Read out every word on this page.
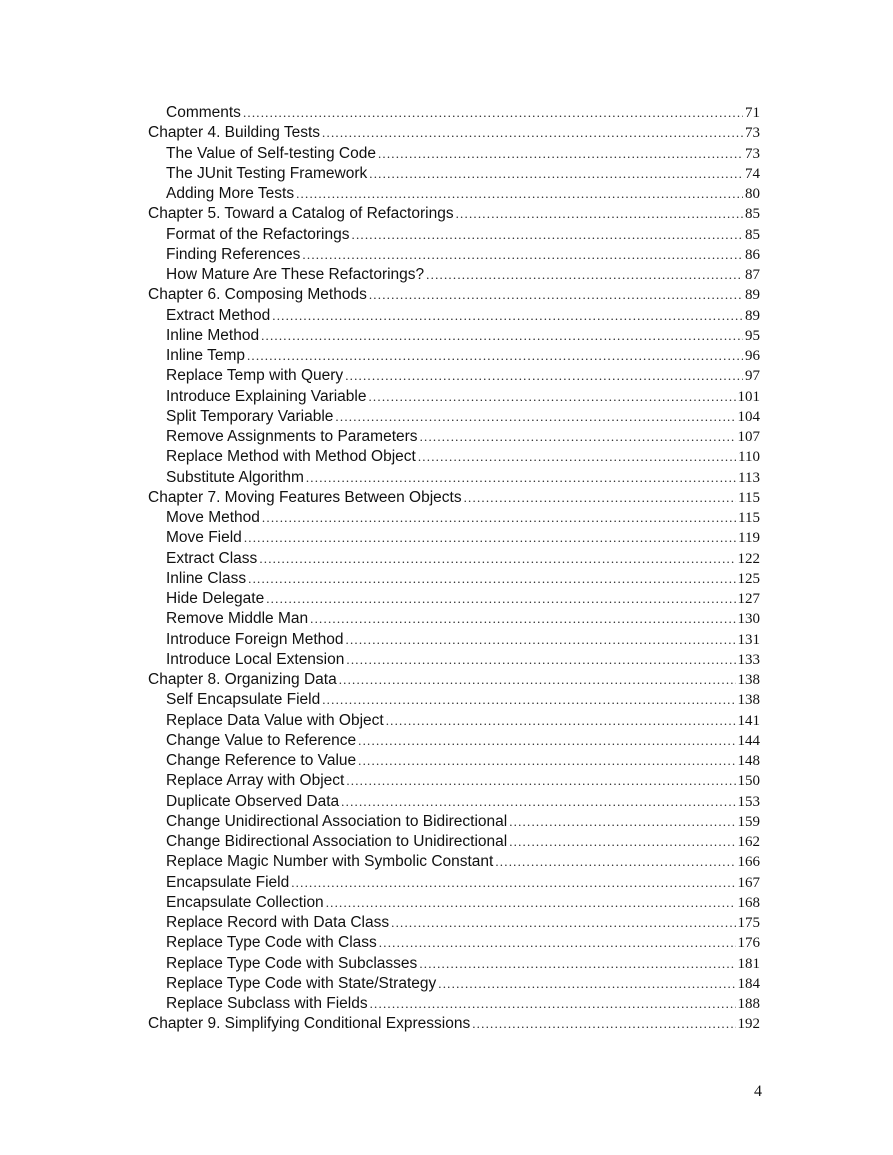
Comments .....	71
Chapter 4. Building Tests .....	73
The Value of Self-testing Code .....	73
The JUnit Testing Framework .....	74
Adding More Tests .....	80
Chapter 5. Toward a Catalog of Refactorings .....	85
Format of the Refactorings .....	85
Finding References .....	86
How Mature Are These Refactorings? .....	87
Chapter 6. Composing Methods .....	89
Extract Method .....	89
Inline Method .....	95
Inline Temp .....	96
Replace Temp with Query .....	97
Introduce Explaining Variable .....	101
Split Temporary Variable .....	104
Remove Assignments to Parameters .....	107
Replace Method with Method Object .....	110
Substitute Algorithm .....	113
Chapter 7. Moving Features Between Objects .....	115
Move Method .....	115
Move Field .....	119
Extract Class .....	122
Inline Class .....	125
Hide Delegate .....	127
Remove Middle Man .....	130
Introduce Foreign Method .....	131
Introduce Local Extension .....	133
Chapter 8. Organizing Data .....	138
Self Encapsulate Field .....	138
Replace Data Value with Object .....	141
Change Value to Reference .....	144
Change Reference to Value .....	148
Replace Array with Object .....	150
Duplicate Observed Data .....	153
Change Unidirectional Association to Bidirectional .....	159
Change Bidirectional Association to Unidirectional .....	162
Replace Magic Number with Symbolic Constant .....	166
Encapsulate Field .....	167
Encapsulate Collection .....	168
Replace Record with Data Class .....	175
Replace Type Code with Class .....	176
Replace Type Code with Subclasses .....	181
Replace Type Code with State/Strategy .....	184
Replace Subclass with Fields .....	188
Chapter 9. Simplifying Conditional Expressions .....	192
4
